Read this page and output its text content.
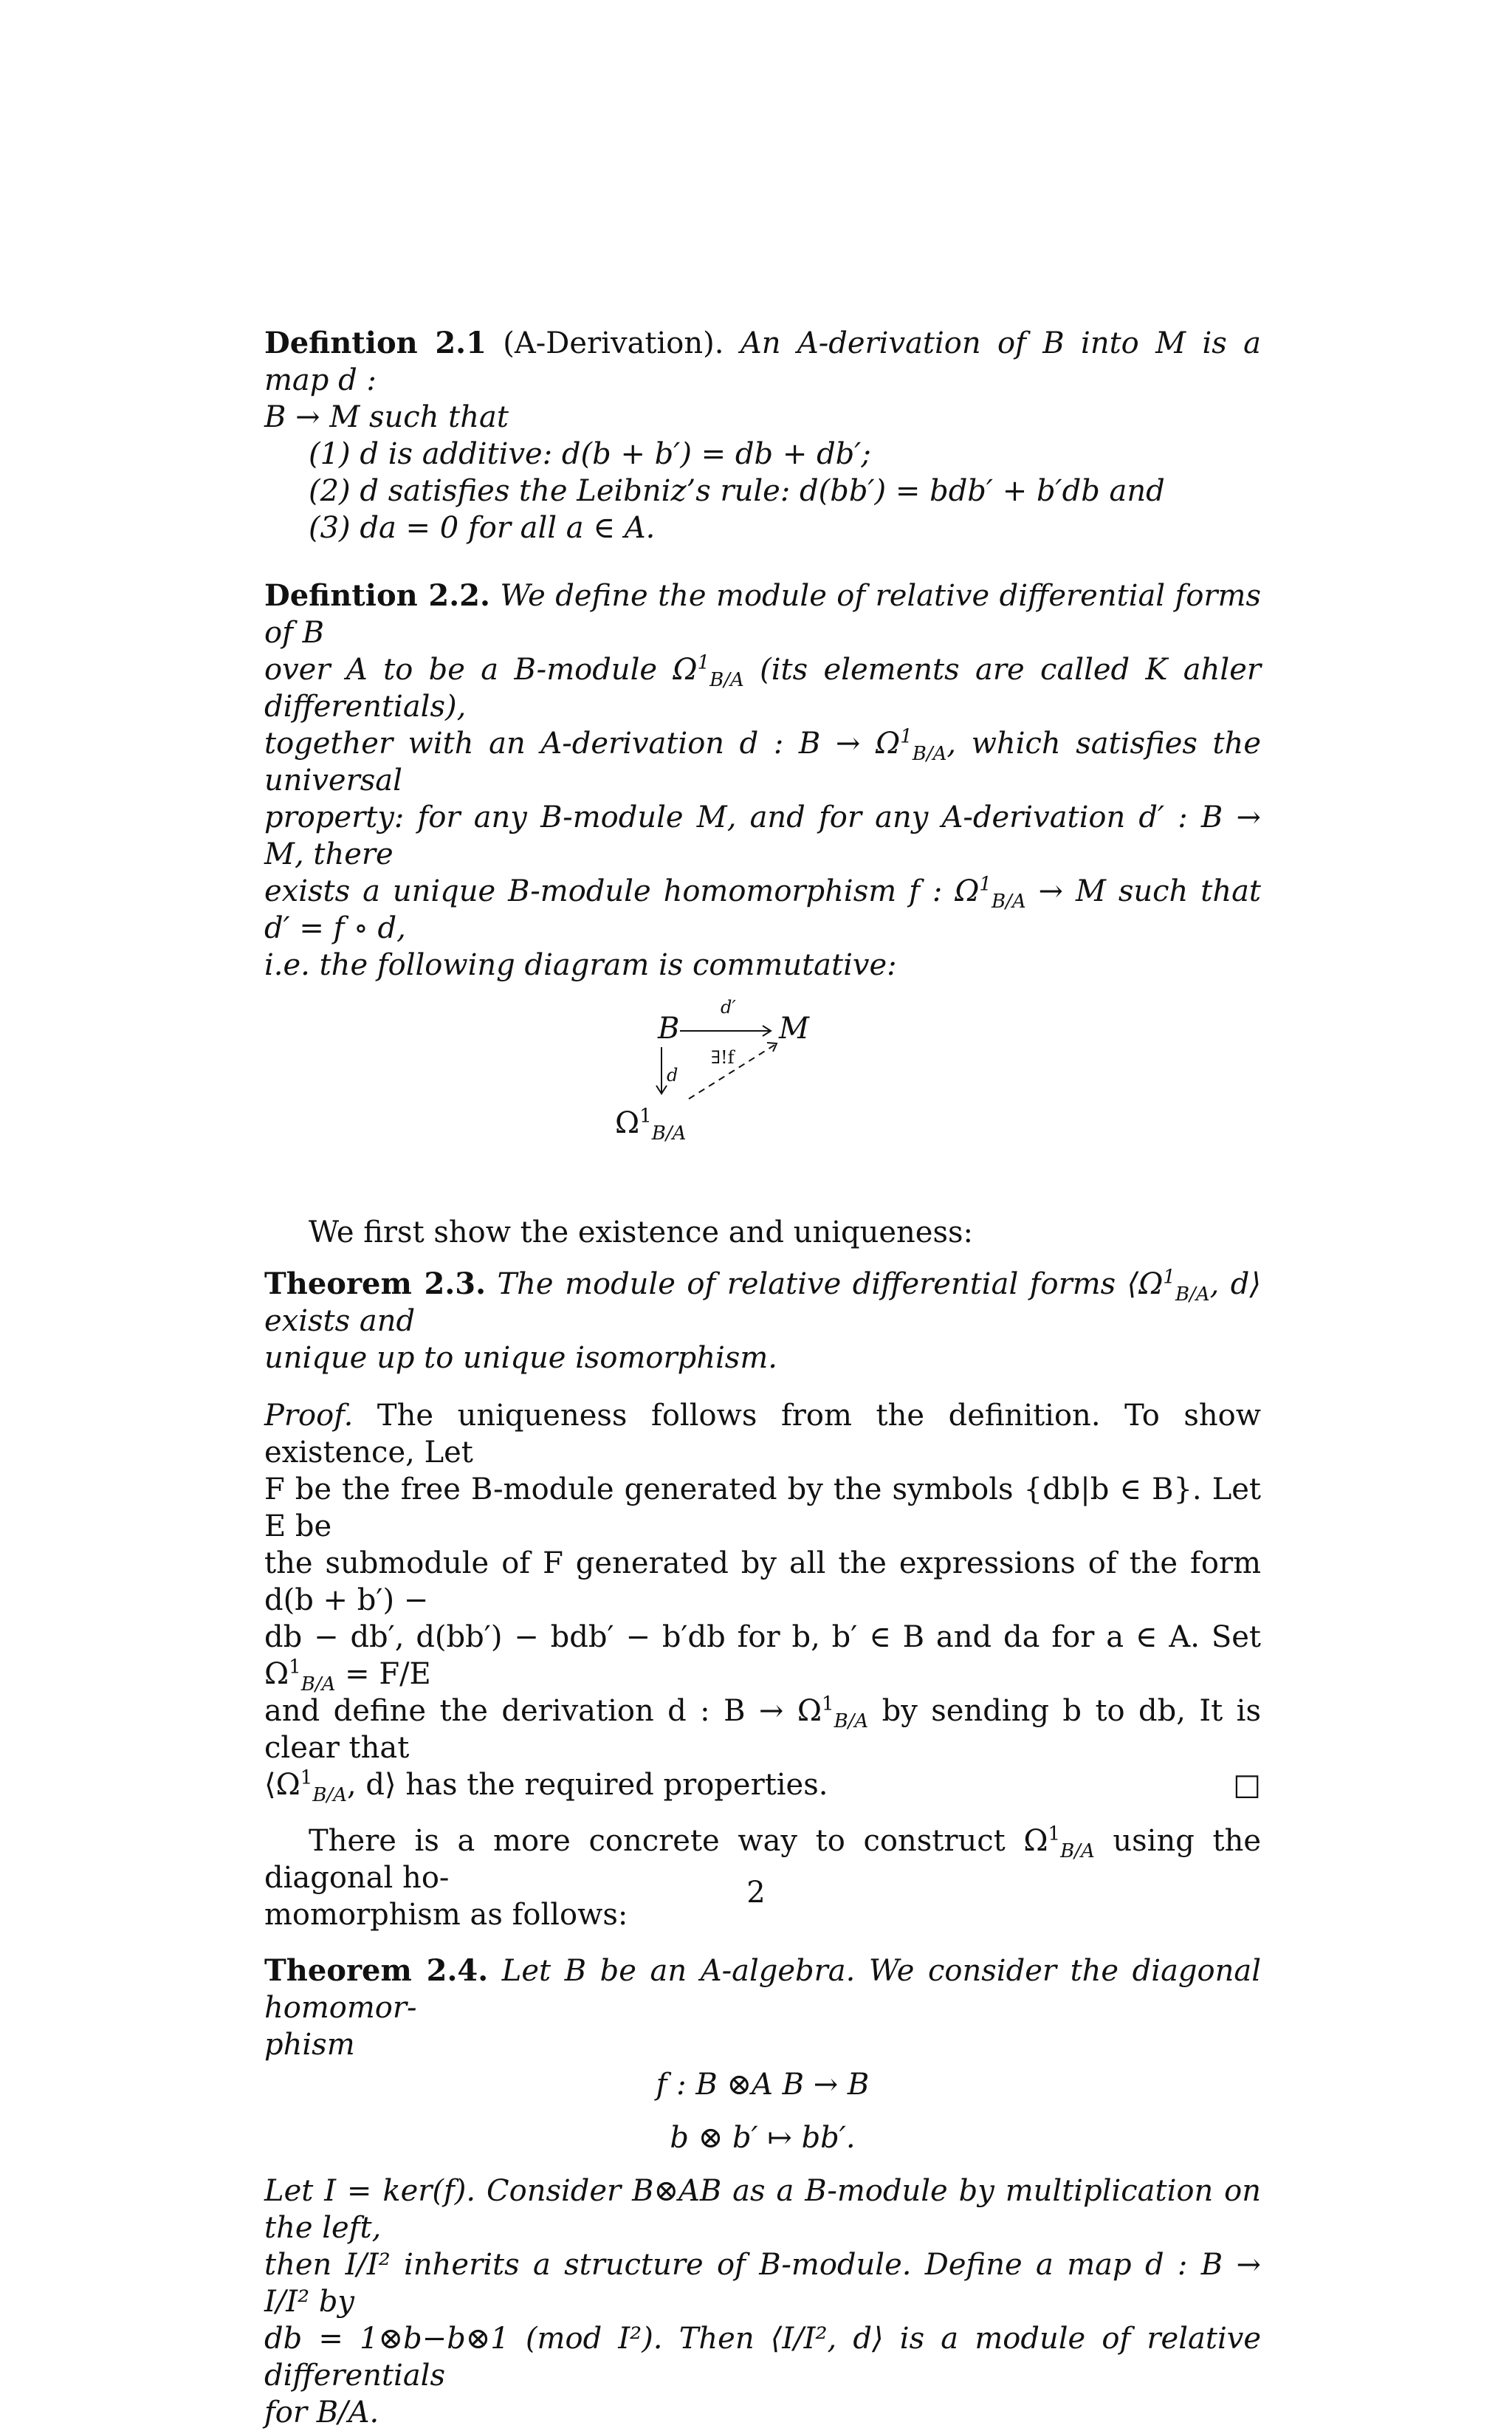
Defintion 2.1 (A-Derivation). An A-derivation of B into M is a map d :
B → M such that
(1) d is additive: d(b + b′) = db + db′;
(2) d satisfies the Leibniz’s rule: d(bb′) = bdb′ + b′db and
(3) da = 0 for all a ∈ A.

Defintion 2.2. We define the module of relative differential forms of B
over A to be a B-module $\Omega^1_{B/A}$ (its elements are called K ahler differentials),
together with an A-derivation d : $B \to \Omega^1_{B/A}$, which satisfies the universal
property: for any B-module M, and for any A-derivation d′ : B → M, there
exists a unique B-module homomorphism f : $\Omega^1_{B/A} \to M$ such that d′ = f ∘ d,
i.e. the following diagram is commutative:

B	M
d′
∃!f
d
$\Omega^1_{B/A}$

We first show the existence and uniqueness:

Theorem 2.3. The module of relative differential forms $⟨\Omega^1_{B/A}$, d⟩ exists and
unique up to unique isomorphism.

Proof. The uniqueness follows from the definition. To show existence, Let
F be the free B-module generated by the symbols {db|b ∈ B}. Let E be
the submodule of F generated by all the expressions of the form d(b + b′) −
db − db′, d(bb′) − bdb′ − b′db for b, b′ ∈ B and da for a ∈ A. Set $\Omega^1_{B/A} = F/E$
and define the derivation d : $B \to \Omega^1_{B/A}$ by sending b to db, It is clear that
$⟨\Omega^1_{B/A}$, d⟩ has the required properties.	□

There is a more concrete way to construct $\Omega^1_{B/A}$ using the diagonal ho-
momorphism as follows:

Theorem 2.4. Let B be an A-algebra. We consider the diagonal homomor-
phism
f : B ⊗A B → B
b ⊗ b′ ↦ bb′.
Let I = ker(f). Consider B⊗AB as a B-module by multiplication on the left,
then I/I² inherits a structure of B-module. Define a map d : B → I/I² by
db = 1⊗b−b⊗1 (mod I²). Then ⟨I/I², d⟩ is a module of relative differentials
for B/A.
2
